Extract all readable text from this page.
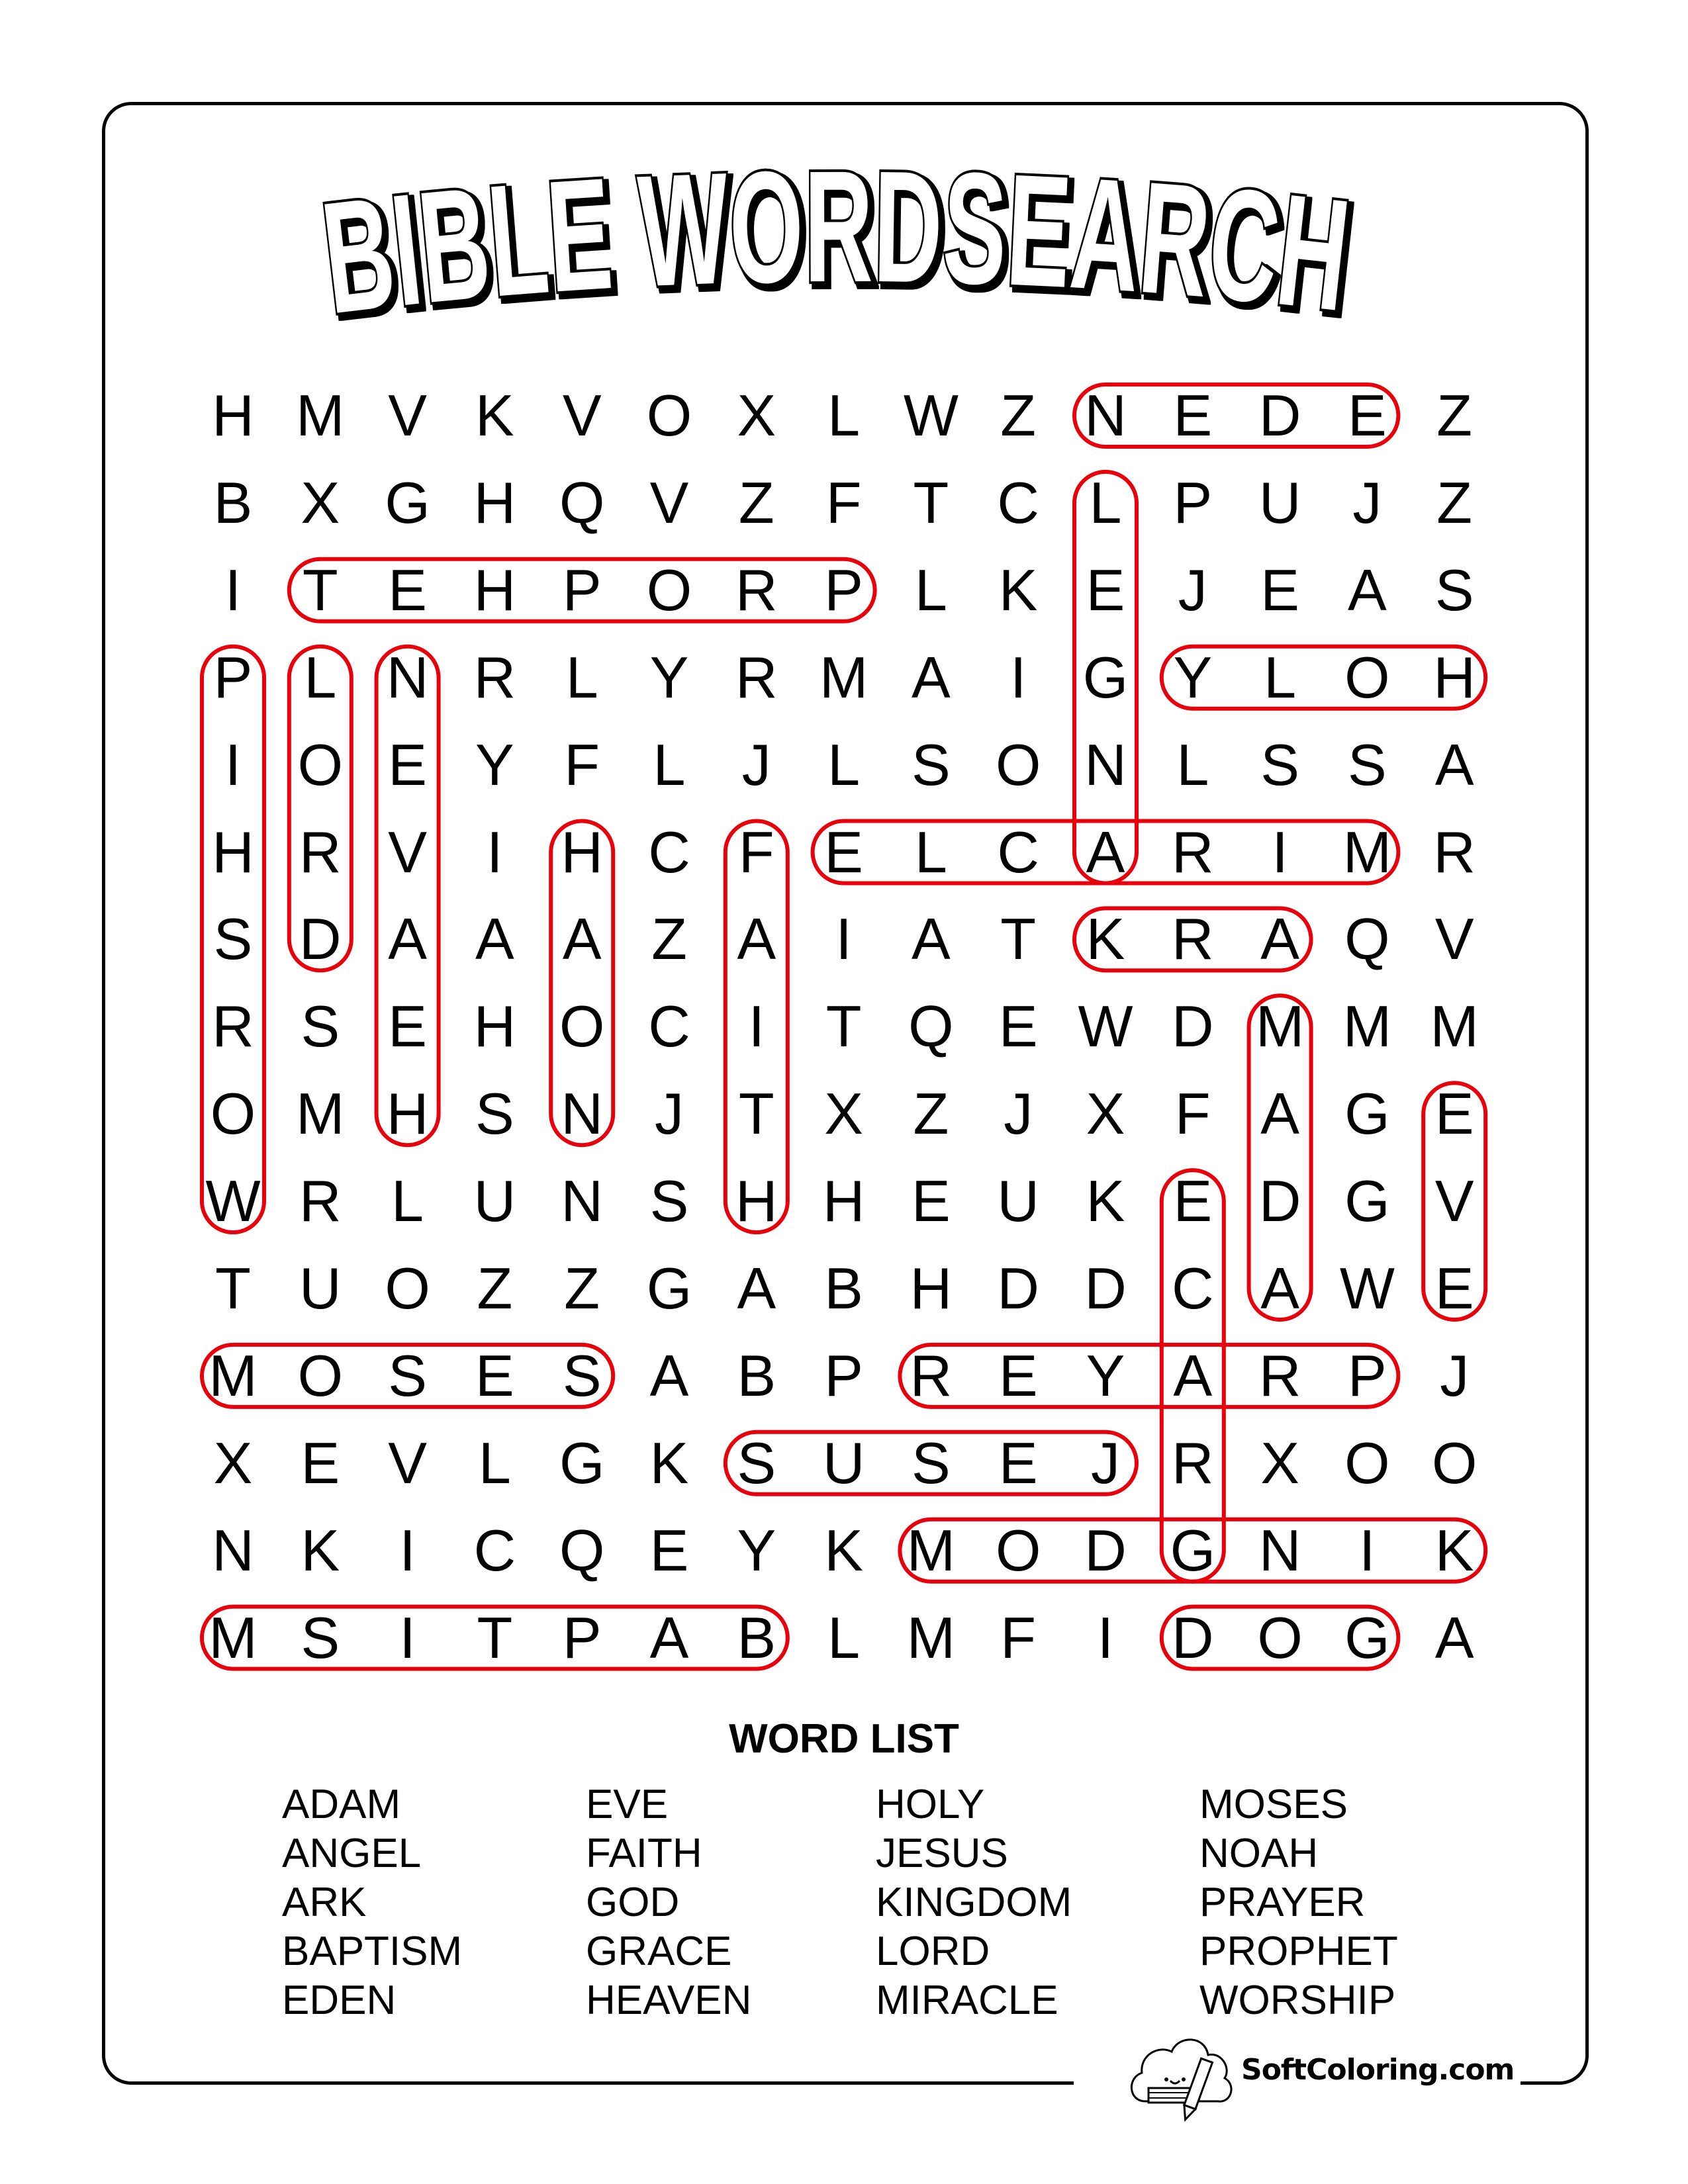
BIBLE WORDSEARCH
H M V K V O X L W Z N E D E Z
B X G H Q V Z F T C L P U J Z
I	T E H P O R P L K E J E A S
P L N R L Y R M A	I G Y L O H
I O E Y F L J L S O N L S S A
H R V	I H C F E L C A R I M R
S D A A A Z A	I	A T K R A Q V
R S E H O C I	T Q E W D M M M
O M H S N J T X Z J X F A G E
W R L U N S H H E U K E D G V
T U O Z Z G A B H D D C A W E
M O S E S A B P R E Y A R P J
X E V L G K S U S E J R X O O
N K	I C Q E Y K M O D G N I	K
M S	I	T P A B L M F	I D O G A
WORD LIST
ADAM
ANGEL
ARK
BAPTISM
EDEN
EVE
FAITH
GOD
GRACE
HEAVEN
HOLY
JESUS
KINGDOM
LORD
MIRACLE
MOSES
NOAH
PRAYER
PROPHET
WORSHIP
SoftColoring.com
